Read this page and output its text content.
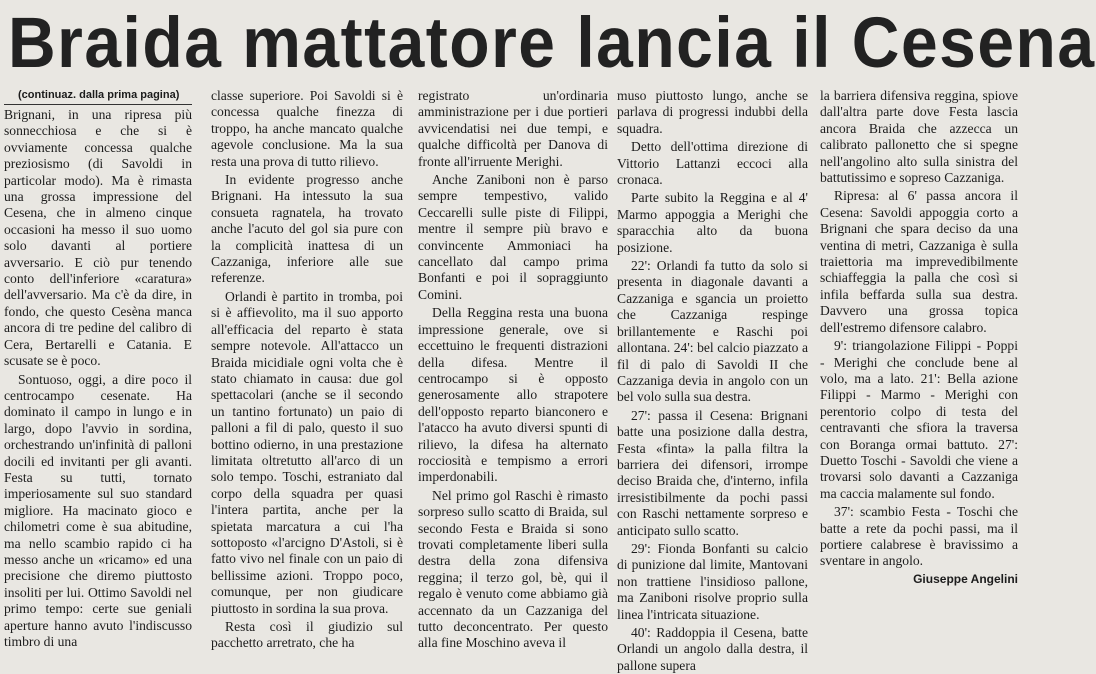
Braida mattatore lancia il Cesena

(continuaz. dalla prima pagina)

Brignani, in una ripresa più sonnecchiosa e che si è ovviamente concessa qualche preziosismo (di Savoldi in particolar modo). Ma è rimasta una grossa impressione del Cesena, che in almeno cinque occasioni ha messo il suo uomo solo davanti al portiere avversario. E ciò pur tenendo conto dell'inferiore «caratura» dell'avversario. Ma c'è da dire, in fondo, che questo Cesèna manca ancora di tre pedine del calibro di Cera, Bertarelli e Catania. E scusate se è poco.

Sontuoso, oggi, a dire poco il centrocampo cesenate. Ha dominato il campo in lungo e in largo, dopo l'avvio in sordina, orchestrando un'infinità di palloni docili ed invitanti per gli avanti. Festa su tutti, tornato imperiosamente sul suo standard migliore. Ha macinato gioco e chilometri come è sua abitudine, ma nello scambio rapido ci ha messo anche un «ricamo» ed una precisione che diremo piuttosto insoliti per lui. Ottimo Savoldi nel primo tempo: certe sue geniali aperture hanno avuto l'indiscusso timbro di una

classe superiore. Poi Savoldi si è concessa qualche finezza di troppo, ha anche mancato qualche agevole conclusione. Ma la sua resta una prova di tutto rilievo.

In evidente progresso anche Brignani. Ha intessuto la sua consueta ragnatela, ha trovato anche l'acuto del gol sia pure con la complicità inattesa di un Cazzaniga, inferiore alle sue referenze.

Orlandi è partito in tromba, poi si è affievolito, ma il suo apporto all'efficacia del reparto è stata sempre notevole. All'attacco un Braida micidiale ogni volta che è stato chiamato in causa: due gol spettacolari (anche se il secondo un tantino fortunato) un paio di palloni a fil di palo, questo il suo bottino odierno, in una prestazione limitata oltretutto all'arco di un solo tempo. Toschi, estraniato dal corpo della squadra per quasi l'intera partita, anche per la spietata marcatura a cui l'ha sottoposto «l'arcigno D'Astoli, si è fatto vivo nel finale con un paio di bellissime azioni. Troppo poco, comunque, per non giudicare piuttosto in sordina la sua prova.

Resta così il giudizio sul pacchetto arretrato, che ha

registrato un'ordinaria amministrazione per i due portieri avvicendatisi nei due tempi, e qualche difficoltà per Danova di fronte all'irruente Merighi.

Anche Zaniboni non è parso sempre tempestivo, valido Ceccarelli sulle piste di Filippi, mentre il sempre più bravo e convincente Ammoniaci ha cancellato dal campo prima Bonfanti e poi il sopraggiunto Comini.

Della Reggina resta una buona impressione generale, ove si eccettuino le frequenti distrazioni della difesa. Mentre il centrocampo si è opposto generosamente allo strapotere dell'opposto reparto bianconero e l'atacco ha avuto diversi spunti di rilievo, la difesa ha alternato rocciosità e tempismo a errori imperdonabili.

Nel primo gol Raschi è rimasto sorpreso sullo scatto di Braida, sul secondo Festa e Braida si sono trovati completamente liberi sulla destra della zona difensiva reggina; il terzo gol, bè, qui il regalo è venuto come abbiamo già accennato da un Cazzaniga del tutto deconcentrato. Per questo alla fine Moschino aveva il

muso piuttosto lungo, anche se parlava di progressi indubbi della squadra.

Detto dell'ottima direzione di Vittorio Lattanzi eccoci alla cronaca.

Parte subito la Reggina e al 4' Marmo appoggia a Merighi che sparacchia alto da buona posizione.

22': Orlandi fa tutto da solo si presenta in diagonale davanti a Cazzaniga e sgancia un proietto che Cazzaniga respinge brillantemente e Raschi poi allontana. 24': bel calcio piazzato a fil di palo di Savoldi II che Cazzaniga devia in angolo con un bel volo sulla sua destra.

27': passa il Cesena: Brignani batte una posizione dalla destra, Festa «finta» la palla filtra la barriera dei difensori, irrompe deciso Braida che, d'interno, infila irresistibilmente da pochi passi con Raschi nettamente sorpreso e anticipato sullo scatto.

29': Fionda Bonfanti su calcio di punizione dal limite, Mantovani non trattiene l'insidioso pallone, ma Zaniboni risolve proprio sulla linea l'intricata situazione.

40': Raddoppia il Cesena, batte Orlandi un angolo dalla destra, il pallone supera

la barriera difensiva reggina, spiove dall'altra parte dove Festa lascia ancora Braida che azzecca un calibrato pallonetto che si spegne nell'angolino alto sulla sinistra del battutissimo e sopreso Cazzaniga.

Ripresa: al 6' passa ancora il Cesena: Savoldi appoggia corto a Brignani che spara deciso da una ventina di metri, Cazzaniga è sulla traiettoria ma imprevedibilmente schiaffeggia la palla che così si infila beffarda sulla sua destra. Davvero una grossa topica dell'estremo difensore calabro.

9': triangolazione Filippi - Poppi - Merighi che conclude bene al volo, ma a lato. 21': Bella azione Filippi - Marmo - Merighi con perentorio colpo di testa del centravanti che sfiora la traversa con Boranga ormai battuto. 27': Duetto Toschi - Savoldi che viene a trovarsi solo davanti a Cazzaniga ma caccia malamente sul fondo.

37': scambio Festa - Toschi che batte a rete da pochi passi, ma il portiere calabrese è bravissimo a sventare in angolo.

Giuseppe Angelini
